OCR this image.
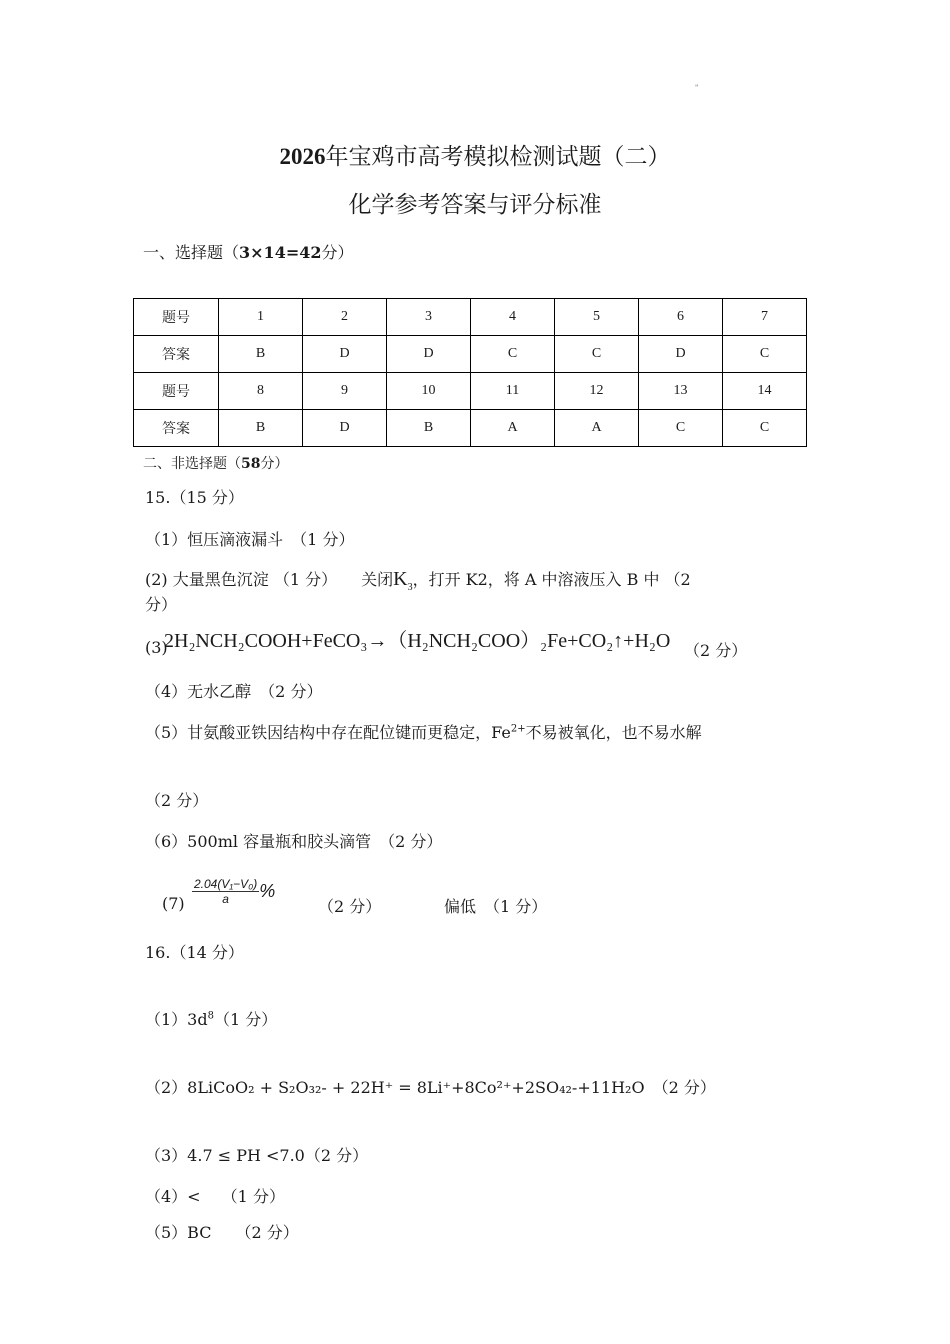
"
2026年宝鸡市高考模拟检测试题（二）
化学参考答案与评分标准
一、选择题（3×14=42分）
题号	1	2	3	4	5	6	7
答案	B	D	D	C	C	D	C
题号	8	9	10	11	12	13	14
答案	B	D	B	A	A	C	C
二、非选择题（58分）
15.（15 分）
（1）恒压滴液漏斗　（1 分）
(2) 大量黑色沉淀 （1 分）　　关闭$K_3$，打开 K2，将 A 中溶液压入 B 中 （2
分）
(3)
2H₂NCH₂COOH+FeCO₃→（H₂NCH₂COO）₂Fe+CO₂↑+H₂O （2 分）
（4）无水乙醇　（2 分）
（5）甘氨酸亚铁因结构中存在配位键而更稳定，$Fe^{2+}$不易被氧化，也不易水解
（2 分）
（6）500ml 容量瓶和胶头滴管　（2 分）
$(7) \frac{\text{2.04(V₁−V₀)}}{a}$ %
（2 分）	偏低　（1 分）
16.（14 分）
$(1)3d^8(1$ 分）
（2）8LiCoO₂ + S₂O₃₂- + 22H⁺ = 8Li⁺+8Co²⁺+2SO₄₂-+11H₂O　（2 分）
（3）4.7 ≤ PH <7.0（2 分）
（4）<　 （1 分）
（5）BC　　（2 分）
